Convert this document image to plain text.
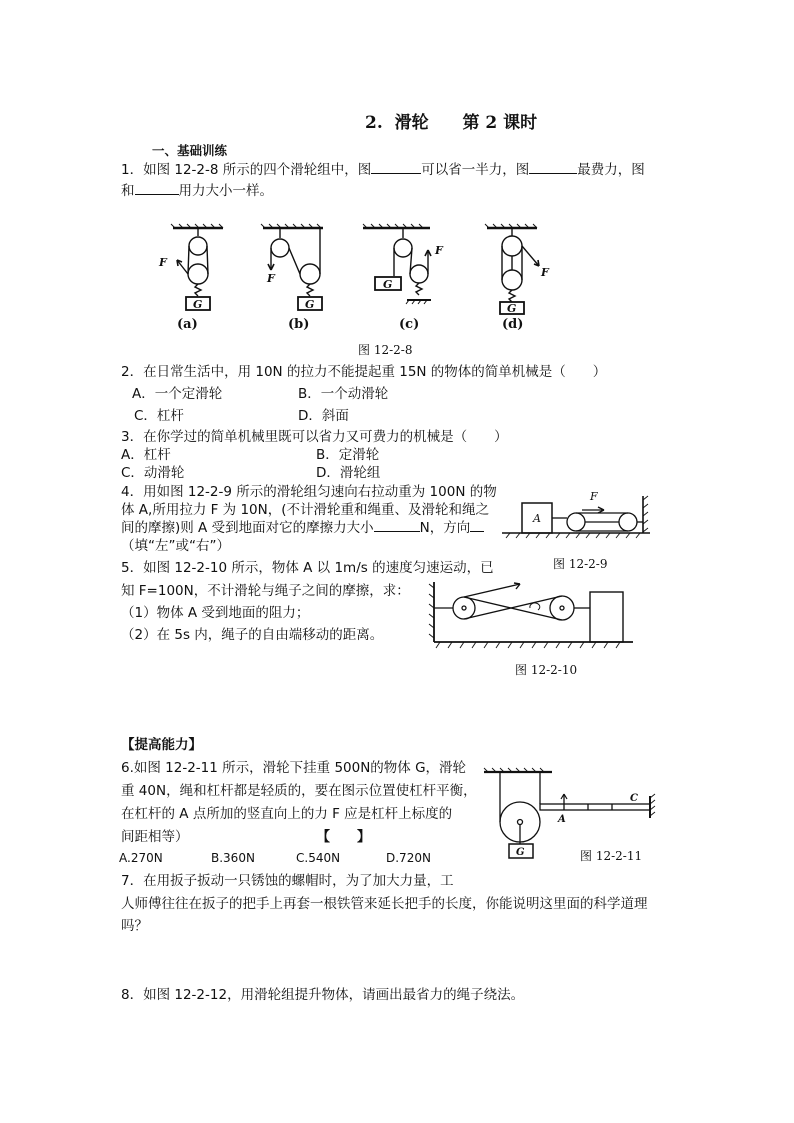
2. 滑轮 第 2 课时
一、基础训练
1．如图 12-2-8 所示的四个滑轮组中，图	可以省一半力，图	最费力，图
和	用力大小一样。
F
F
F
F
G	G
G
G
(a)	(b)	(c)	(d)
图 12-2-8
2．在日常生活中，用 10N 的拉力不能提起重 15N 的物体的简单机械是（　　）
A．一个定滑轮	B．一个动滑轮
C．杠杆	D．斜面
3．在你学过的简单机械里既可以省力又可费力的机械是（　　）
A．杠杆	B．定滑轮
C．动滑轮	D．滑轮组
4．用如图 12-2-9 所示的滑轮组匀速向右拉动重为 100N 的物
体 A,所用拉力 F 为 10N，(不计滑轮重和绳重、及滑轮和绳之
间的摩擦)则 A 受到地面对它的摩擦力大小	N，方向
（填“左”或“右”）
A
F
图 12-2-9
5．如图 12-2-10 所示，物体 A 以 1m/s 的速度匀速运动，已
知 F=100N，不计滑轮与绳子之间的摩擦，求：
（1）物体 A 受到地面的阻力；
（2）在 5s 内，绳子的自由端移动的距离。
图 12-2-10
【提高能力】
6.如图 12-2-11 所示，滑轮下挂重 500N的物体 G，滑轮
重 40N，绳和杠杆都是轻质的，要在图示位置使杠杆平衡，
在杠杆的 A 点所加的竖直向上的力 F 应是杠杆上标度的
间距相等）	【　　】
A.270N	B.360N	C.540N	D.720N
A
C
G	图 12-2-11
7．在用扳子扳动一只锈蚀的螺帽时，为了加大力量，工
人师傅往往在扳子的把手上再套一根铁管来延长把手的长度，你能说明这里面的科学道理
吗？
8．如图 12-2-12，用滑轮组提升物体，请画出最省力的绳子绕法。
